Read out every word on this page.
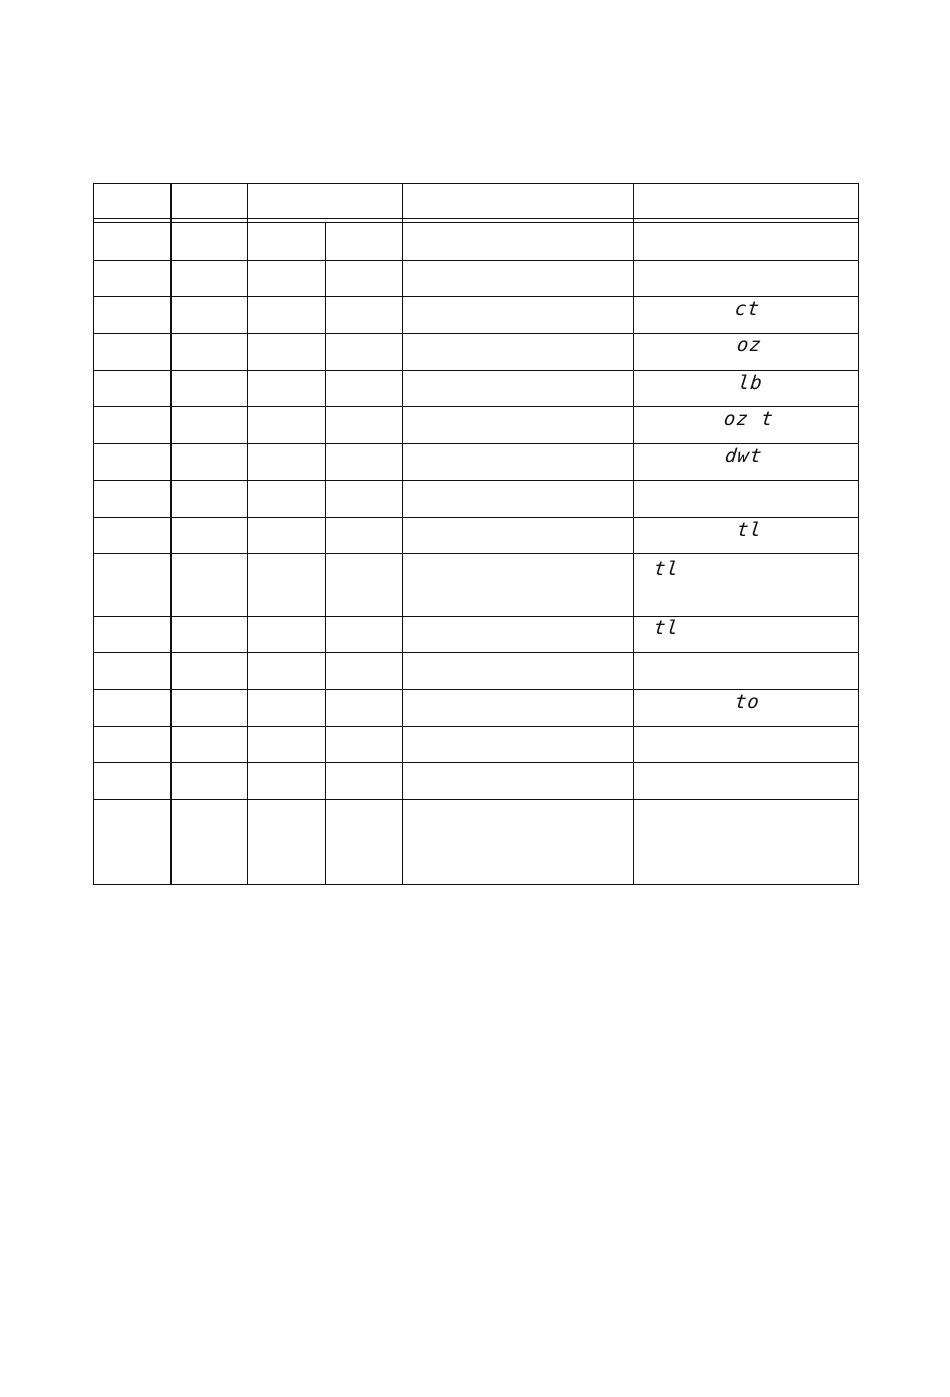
ct
oz
lb
oz t
dwt
tl
tl
tl
to
